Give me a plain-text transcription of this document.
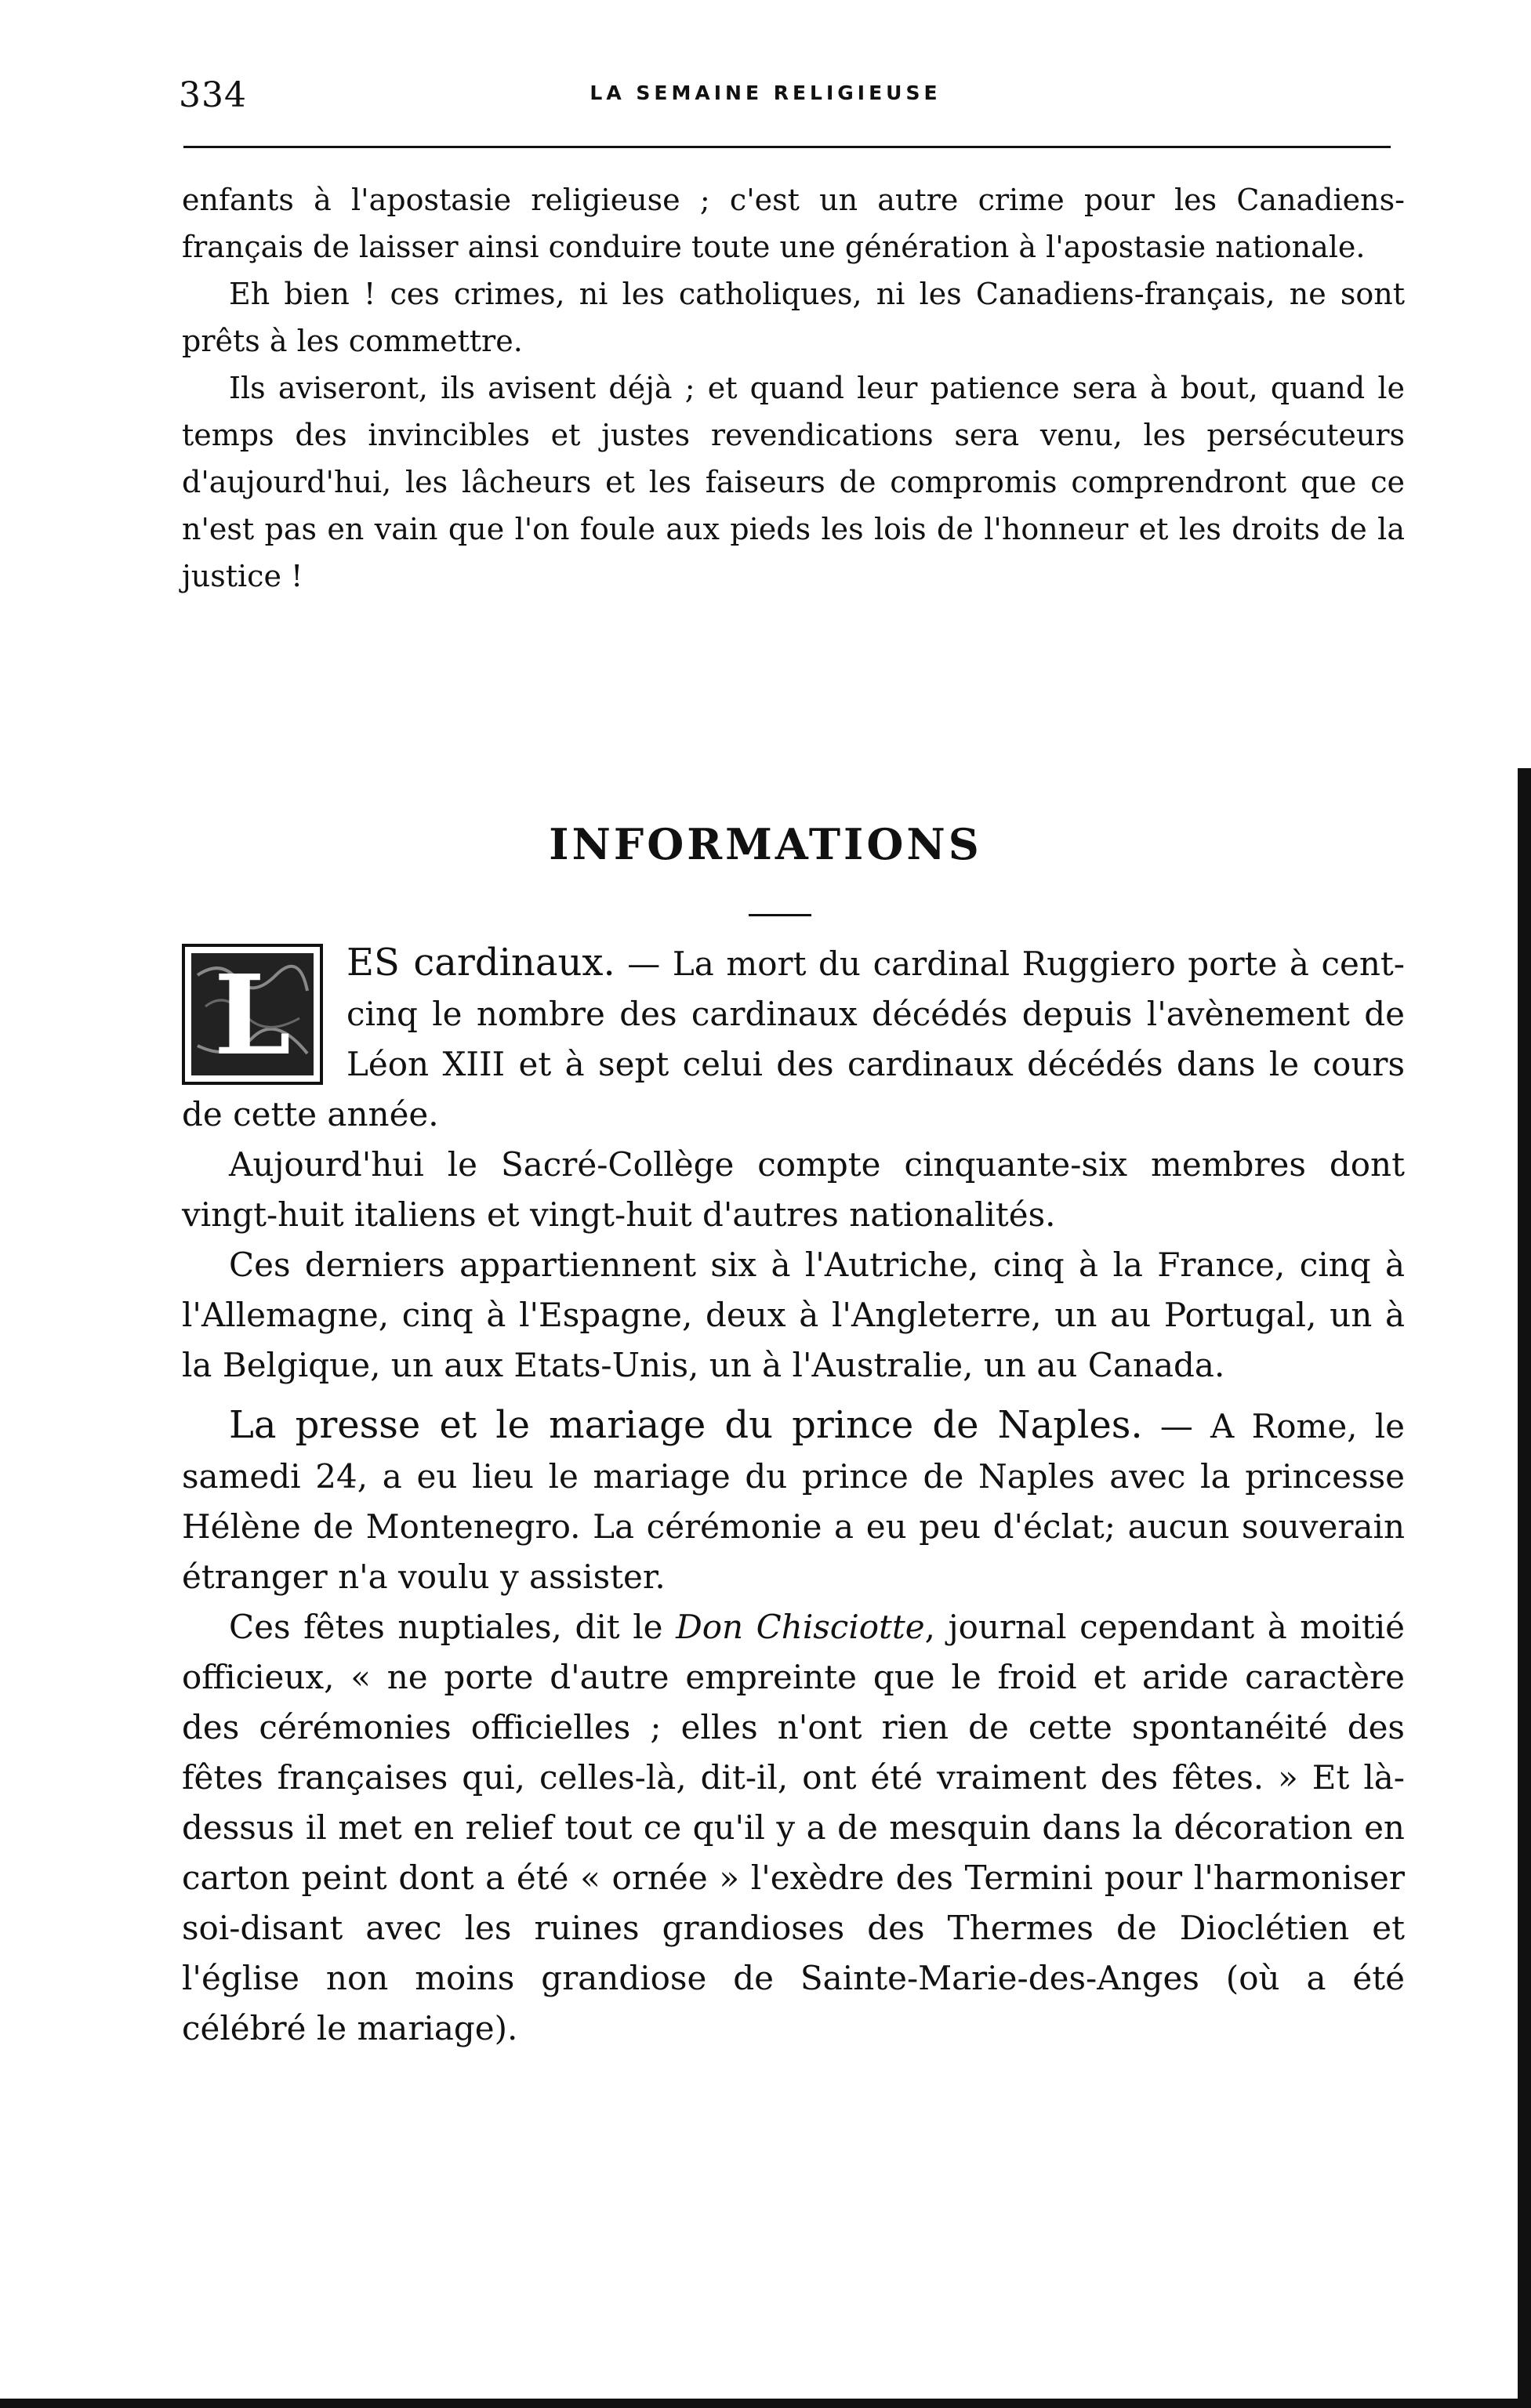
334	LA SEMAINE RELIGIEUSE

enfants à l'apostasie religieuse ; c'est un autre crime pour les Canadiens-français de laisser ainsi conduire toute une génération à l'apostasie nationale.

Eh bien ! ces crimes, ni les catholiques, ni les Canadiens-français, ne sont prêts à les commettre.

Ils aviseront, ils avisent déjà ; et quand leur patience sera à bout, quand le temps des invincibles et justes revendications sera venu, les persécuteurs d'aujourd'hui, les lâcheurs et les faiseurs de compromis comprendront que ce n'est pas en vain que l'on foule aux pieds les lois de l'honneur et les droits de la justice !

INFORMATIONS

L ES cardinaux. — La mort du cardinal Ruggiero porte à cent-cinq le nombre des cardinaux décédés depuis l'avènement de Léon XIII et à sept celui des cardinaux décédés dans le cours de cette année.

Aujourd'hui le Sacré-Collège compte cinquante-six membres dont vingt-huit italiens et vingt-huit d'autres nationalités.

Ces derniers appartiennent six à l'Autriche, cinq à la France, cinq à l'Allemagne, cinq à l'Espagne, deux à l'Angleterre, un au Portugal, un à la Belgique, un aux Etats-Unis, un à l'Australie, un au Canada.

La presse et le mariage du prince de Naples. — A Rome, le samedi 24, a eu lieu le mariage du prince de Naples avec la princesse Hélène de Montenegro. La cérémonie a eu peu d'éclat; aucun souverain étranger n'a voulu y assister.

Ces fêtes nuptiales, dit le Don Chisciotte, journal cependant à moitié officieux, « ne porte d'autre empreinte que le froid et aride caractère des cérémonies officielles ; elles n'ont rien de cette spontanéité des fêtes françaises qui, celles-là, dit-il, ont été vraiment des fêtes. » Et là-dessus il met en relief tout ce qu'il y a de mesquin dans la décoration en carton peint dont a été « ornée » l'exèdre des Termini pour l'harmoniser soi-disant avec les ruines grandioses des Thermes de Dioclétien et l'église non moins grandiose de Sainte-Marie-des-Anges (où a été célébré le mariage).
